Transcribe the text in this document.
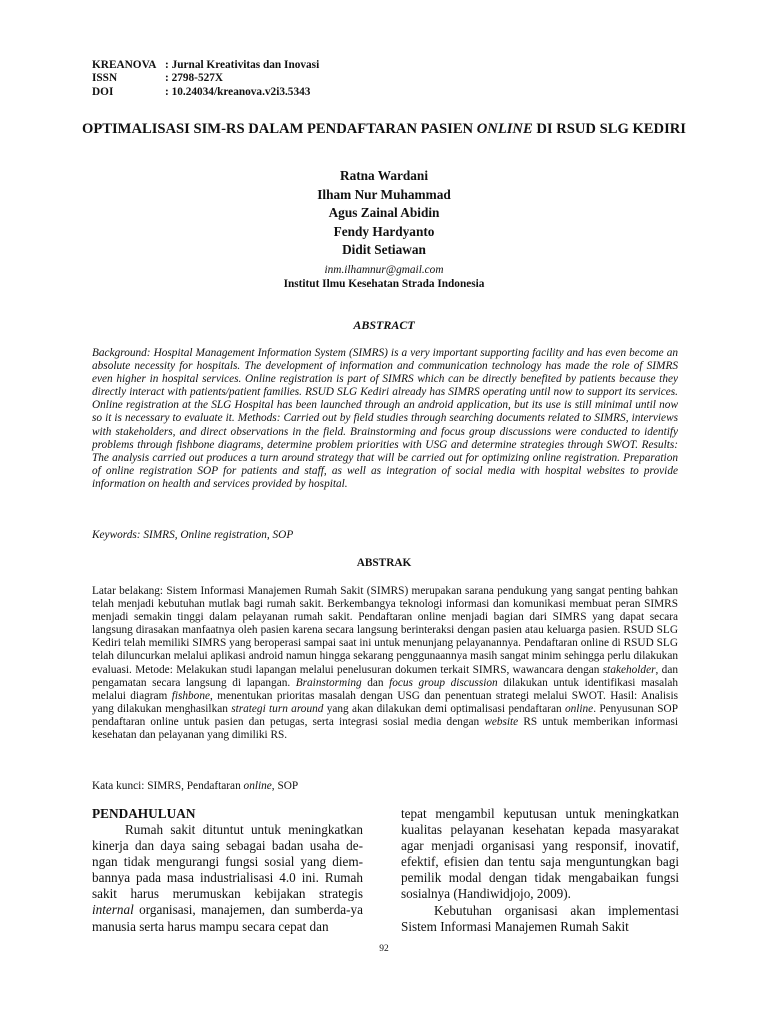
KREANOVA : Jurnal Kreativitas dan Inovasi
ISSN	: 2798-527X
DOI	: 10.24034/kreanova.v2i3.5343
OPTIMALISASI SIM-RS DALAM PENDAFTARAN PASIEN ONLINE DI RSUD SLG KEDIRI
Ratna Wardani
Ilham Nur Muhammad
Agus Zainal Abidin
Fendy Hardyanto
Didit Setiawan
inm.ilhamnur@gmail.com
Institut Ilmu Kesehatan Strada Indonesia
ABSTRACT
Background: Hospital Management Information System (SIMRS) is a very important supporting facility and has even become an absolute necessity for hospitals. The development of information and communication technology has made the role of SIMRS even higher in hospital services. Online registration is part of SIMRS which can be directly benefited by patients because they directly interact with patients/patient families. RSUD SLG Kediri already has SIMRS operating until now to support its services. Online registration at the SLG Hospital has been launched through an android application, but its use is still minimal until now so it is necessary to evaluate it. Methods: Carried out by field studies through searching documents related to SIMRS, interviews with stakeholders, and direct observations in the field. Brainstorming and focus group discussions were conducted to identify problems through fishbone diagrams, determine problem priorities with USG and determine strategies through SWOT. Results: The analysis carried out produces a turn around strategy that will be carried out for optimizing online registration. Preparation of online registration SOP for patients and staff, as well as integration of social media with hospital websites to provide information on health and services provided by hospital.
Keywords: SIMRS, Online registration, SOP
ABSTRAK
Latar belakang: Sistem Informasi Manajemen Rumah Sakit (SIMRS) merupakan sarana pendukung yang sangat penting bahkan telah menjadi kebutuhan mutlak bagi rumah sakit. Berkembangya teknologi informasi dan komunikasi membuat peran SIMRS menjadi semakin tinggi dalam pelayanan rumah sakit. Pendaftaran online menjadi bagian dari SIMRS yang dapat secara langsung dirasakan manfaatnya oleh pasien karena secara langsung berinteraksi dengan pasien atau keluarga pasien. RSUD SLG Kediri telah memiliki SIMRS yang beroperasi sampai saat ini untuk menunjang pelayanannya. Pendaftaran online di RSUD SLG telah diluncurkan melalui aplikasi android namun hingga sekarang penggunaannya masih sangat minim sehingga perlu dilakukan evaluasi. Metode: Melakukan studi lapangan melalui penelusuran dokumen terkait SIMRS, wawancara dengan stakeholder, dan pengamatan secara langsung di lapangan. Brainstorming dan focus group discussion dilakukan untuk identifikasi masalah melalui diagram fishbone, menentukan prioritas masalah dengan USG dan penentuan strategi melalui SWOT. Hasil: Analisis yang dilakukan menghasilkan strategi turn around yang akan dilakukan demi optimalisasi pendaftaran online. Penyusunan SOP pendaftaran online untuk pasien dan petugas, serta integrasi sosial media dengan website RS untuk memberikan informasi kesehatan dan pelayanan yang dimiliki RS.
Kata kunci: SIMRS, Pendaftaran online, SOP
PENDAHULUAN

Rumah sakit dituntut untuk meningkatkan kinerja dan daya saing sebagai badan usaha de-ngan tidak mengurangi fungsi sosial yang diem-bannya pada masa industrialisasi 4.0 ini. Rumah sakit harus merumuskan kebijakan strategis internal organisasi, manajemen, dan sumberda-ya manusia serta harus mampu secara cepat dan

tepat mengambil keputusan untuk meningkatkan kualitas pelayanan kesehatan kepada masyarakat agar menjadi organisasi yang responsif, inovatif, efektif, efisien dan tentu saja menguntungkan bagi pemilik modal dengan tidak mengabaikan fungsi sosialnya (Handiwidjojo, 2009).

Kebutuhan organisasi akan implementasi Sistem Informasi Manajemen Rumah Sakit

92
